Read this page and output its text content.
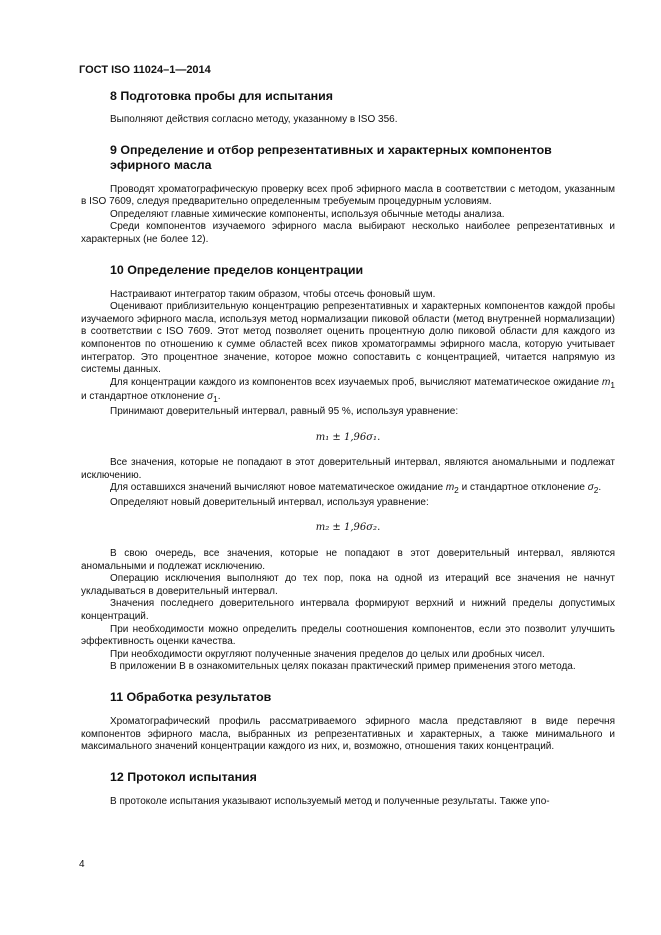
ГОСТ ISO 11024–1—2014
8 Подготовка пробы для испытания

Выполняют действия согласно методу, указанному в ISO 356.

9 Определение и отбор репрезентативных и характерных компонентов эфирного масла

Проводят хроматографическую проверку всех проб эфирного масла в соответствии с методом, указанным в ISO 7609, следуя предварительно определенным требуемым процедурным условиям.

Определяют главные химические компоненты, используя обычные методы анализа.

Среди компонентов изучаемого эфирного масла выбирают несколько наиболее репрезентативных и характерных (не более 12).

10 Определение пределов концентрации

Настраивают интегратор таким образом, чтобы отсечь фоновый шум.

Оценивают приблизительную концентрацию репрезентативных и характерных компонентов каждой пробы изучаемого эфирного масла, используя метод нормализации пиковой области (метод внутренней нормализации) в соответствии с ISO 7609. Этот метод позволяет оценить процентную долю пиковой области для каждого из компонентов по отношению к сумме областей всех пиков хроматограммы эфирного масла, которую учитывает интегратор. Это процентное значение, которое можно сопоставить с концентрацией, читается напрямую из системы данных.

Для концентрации каждого из компонентов всех изучаемых проб, вычисляют математическое ожидание $m_1$ и стандартное отклонение $\sigma_1$.

Принимают доверительный интервал, равный 95 %, используя уравнение:

m₁ ± 1,96σ₁.

Все значения, которые не попадают в этот доверительный интервал, являются аномальными и подлежат исключению.

Для оставшихся значений вычисляют новое математическое ожидание $m_2$ и стандартное отклонение $\sigma_2$.

Определяют новый доверительный интервал, используя уравнение:

m₂ ± 1,96σ₂.

В свою очередь, все значения, которые не попадают в этот доверительный интервал, являются аномальными и подлежат исключению.

Операцию исключения выполняют до тех пор, пока на одной из итераций все значения не начнут укладываться в доверительный интервал.

Значения последнего доверительного интервала формируют верхний и нижний пределы допустимых концентраций.

При необходимости можно определить пределы соотношения компонентов, если это позволит улучшить эффективность оценки качества.

При необходимости округляют полученные значения пределов до целых или дробных чисел.

В приложении В в ознакомительных целях показан практический пример применения этого метода.

11 Обработка результатов

Хроматографический профиль рассматриваемого эфирного масла представляют в виде перечня компонентов эфирного масла, выбранных из репрезентативных и характерных, а также минимального и максимального значений концентрации каждого из них, и, возможно, отношения таких концентраций.

12 Протокол испытания

В протоколе испытания указывают используемый метод и полученные результаты. Также упо-

4
